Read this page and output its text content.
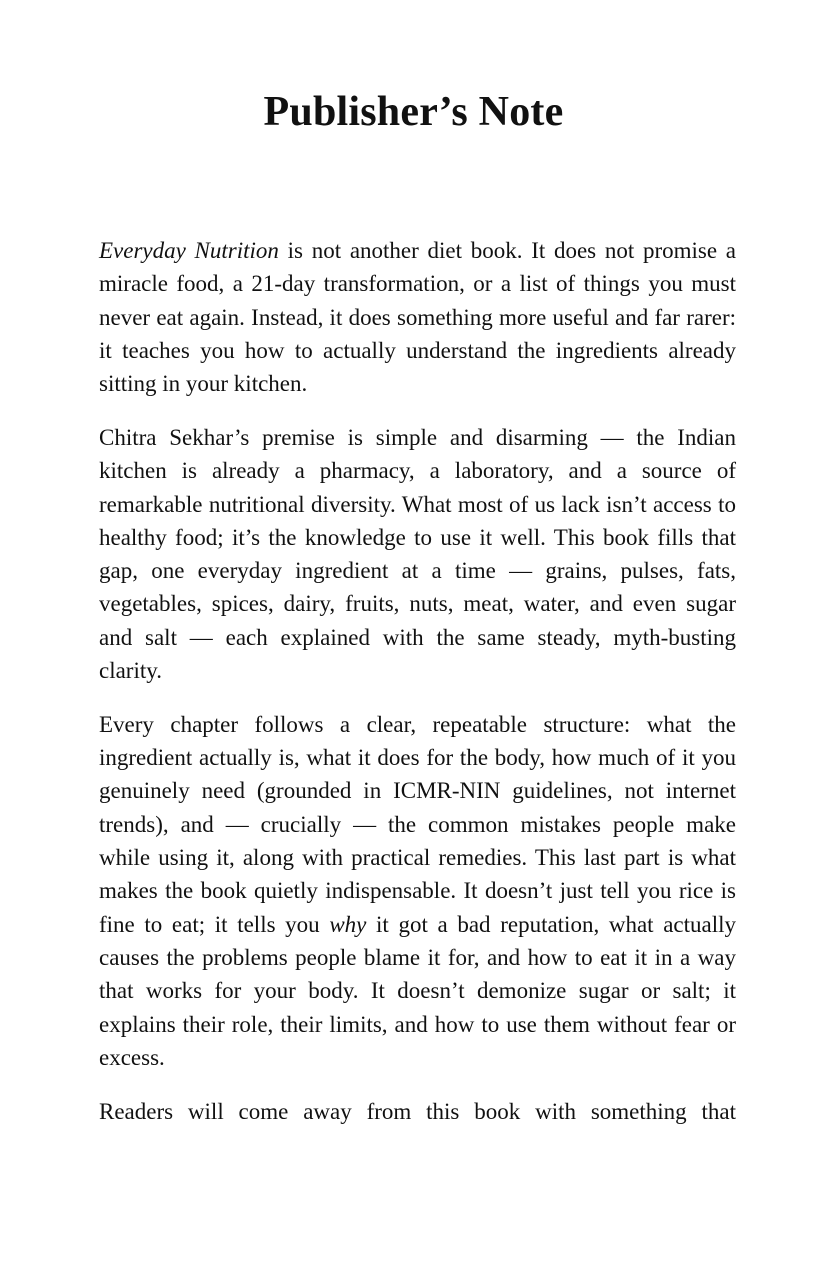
Publisher’s Note

Everyday Nutrition is not another diet book. It does not promise a miracle food, a 21-day transformation, or a list of things you must never eat again. Instead, it does something more useful and far rarer: it teaches you how to actually understand the ingredients already sitting in your kitchen.

Chitra Sekhar’s premise is simple and disarming — the Indian kitchen is already a pharmacy, a laboratory, and a source of remarkable nutritional diversity. What most of us lack isn’t access to healthy food; it’s the knowledge to use it well. This book fills that gap, one everyday ingredient at a time — grains, pulses, fats, vegetables, spices, dairy, fruits, nuts, meat, water, and even sugar and salt — each explained with the same steady, myth-busting clarity.

Every chapter follows a clear, repeatable structure: what the ingredient actually is, what it does for the body, how much of it you genuinely need (grounded in ICMR-NIN guidelines, not internet trends), and — crucially — the common mistakes people make while using it, along with practical remedies. This last part is what makes the book quietly indispensable. It doesn’t just tell you rice is fine to eat; it tells you why it got a bad reputation, what actually causes the problems people blame it for, and how to eat it in a way that works for your body. It doesn’t demonize sugar or salt; it explains their role, their limits, and how to use them without fear or excess.

Readers will come away from this book with something that
